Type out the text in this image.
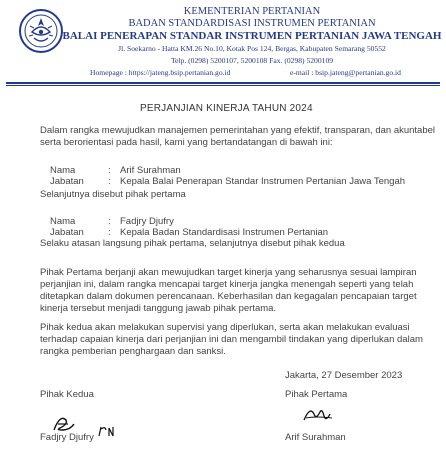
KEMENTERIAN PERTANIAN
BADAN STANDARDISASI INSTRUMEN PERTANIAN
BALAI PENERAPAN STANDAR INSTRUMEN PERTANIAN JAWA TENGAH
Jl. Soekarno - Hatta KM.26 No.10, Kotak Pos 124, Bergas, Kabupaten Semarang 50552
Telp. (0298) 5200107, 5200108 Fax. (0298) 5200109
Homepage : https://jateng.bsip.pertanian.go.id	e-mail : bsip.jateng@pertanian.go.id
PERJANJIAN KINERJA TAHUN 2024
Dalam rangka mewujudkan manajemen pemerintahan yang efektif, transparan, dan akuntabel
serta berorientasi pada hasil, kami yang bertandatangan di bawah ini:
Nama	: Arif Surahman
Jabatan	: Kepala Balai Penerapan Standar Instrumen Pertanian Jawa Tengah
Selanjutnya disebut pihak pertama
Nama	: Fadjry Djufry
Jabatan	: Kepala Badan Standardisasi Instrumen Pertanian
Selaku atasan langsung pihak pertama, selanjutnya disebut pihak kedua
Pihak Pertama berjanji akan mewujudkan target kinerja yang seharusnya sesuai lampiran
perjanjian ini, dalam rangka mencapai target kinerja jangka menengah seperti yang telah
ditetapkan dalam dokumen perencanaan. Keberhasilan dan kegagalan pencapaian target
kinerja tersebut menjadi tanggung jawab pihak pertama.
Pihak kedua akan melakukan supervisi yang diperlukan, serta akan melakukan evaluasi
terhadap capaian kinerja dari perjanjian ini dan mengambil tindakan yang diperlukan dalam
rangka pemberian penghargaan dan sanksi.
Jakarta, 27 Desember 2023
Pihak Kedua	Pihak Pertama
Fadjry Djufry	Arif Surahman
